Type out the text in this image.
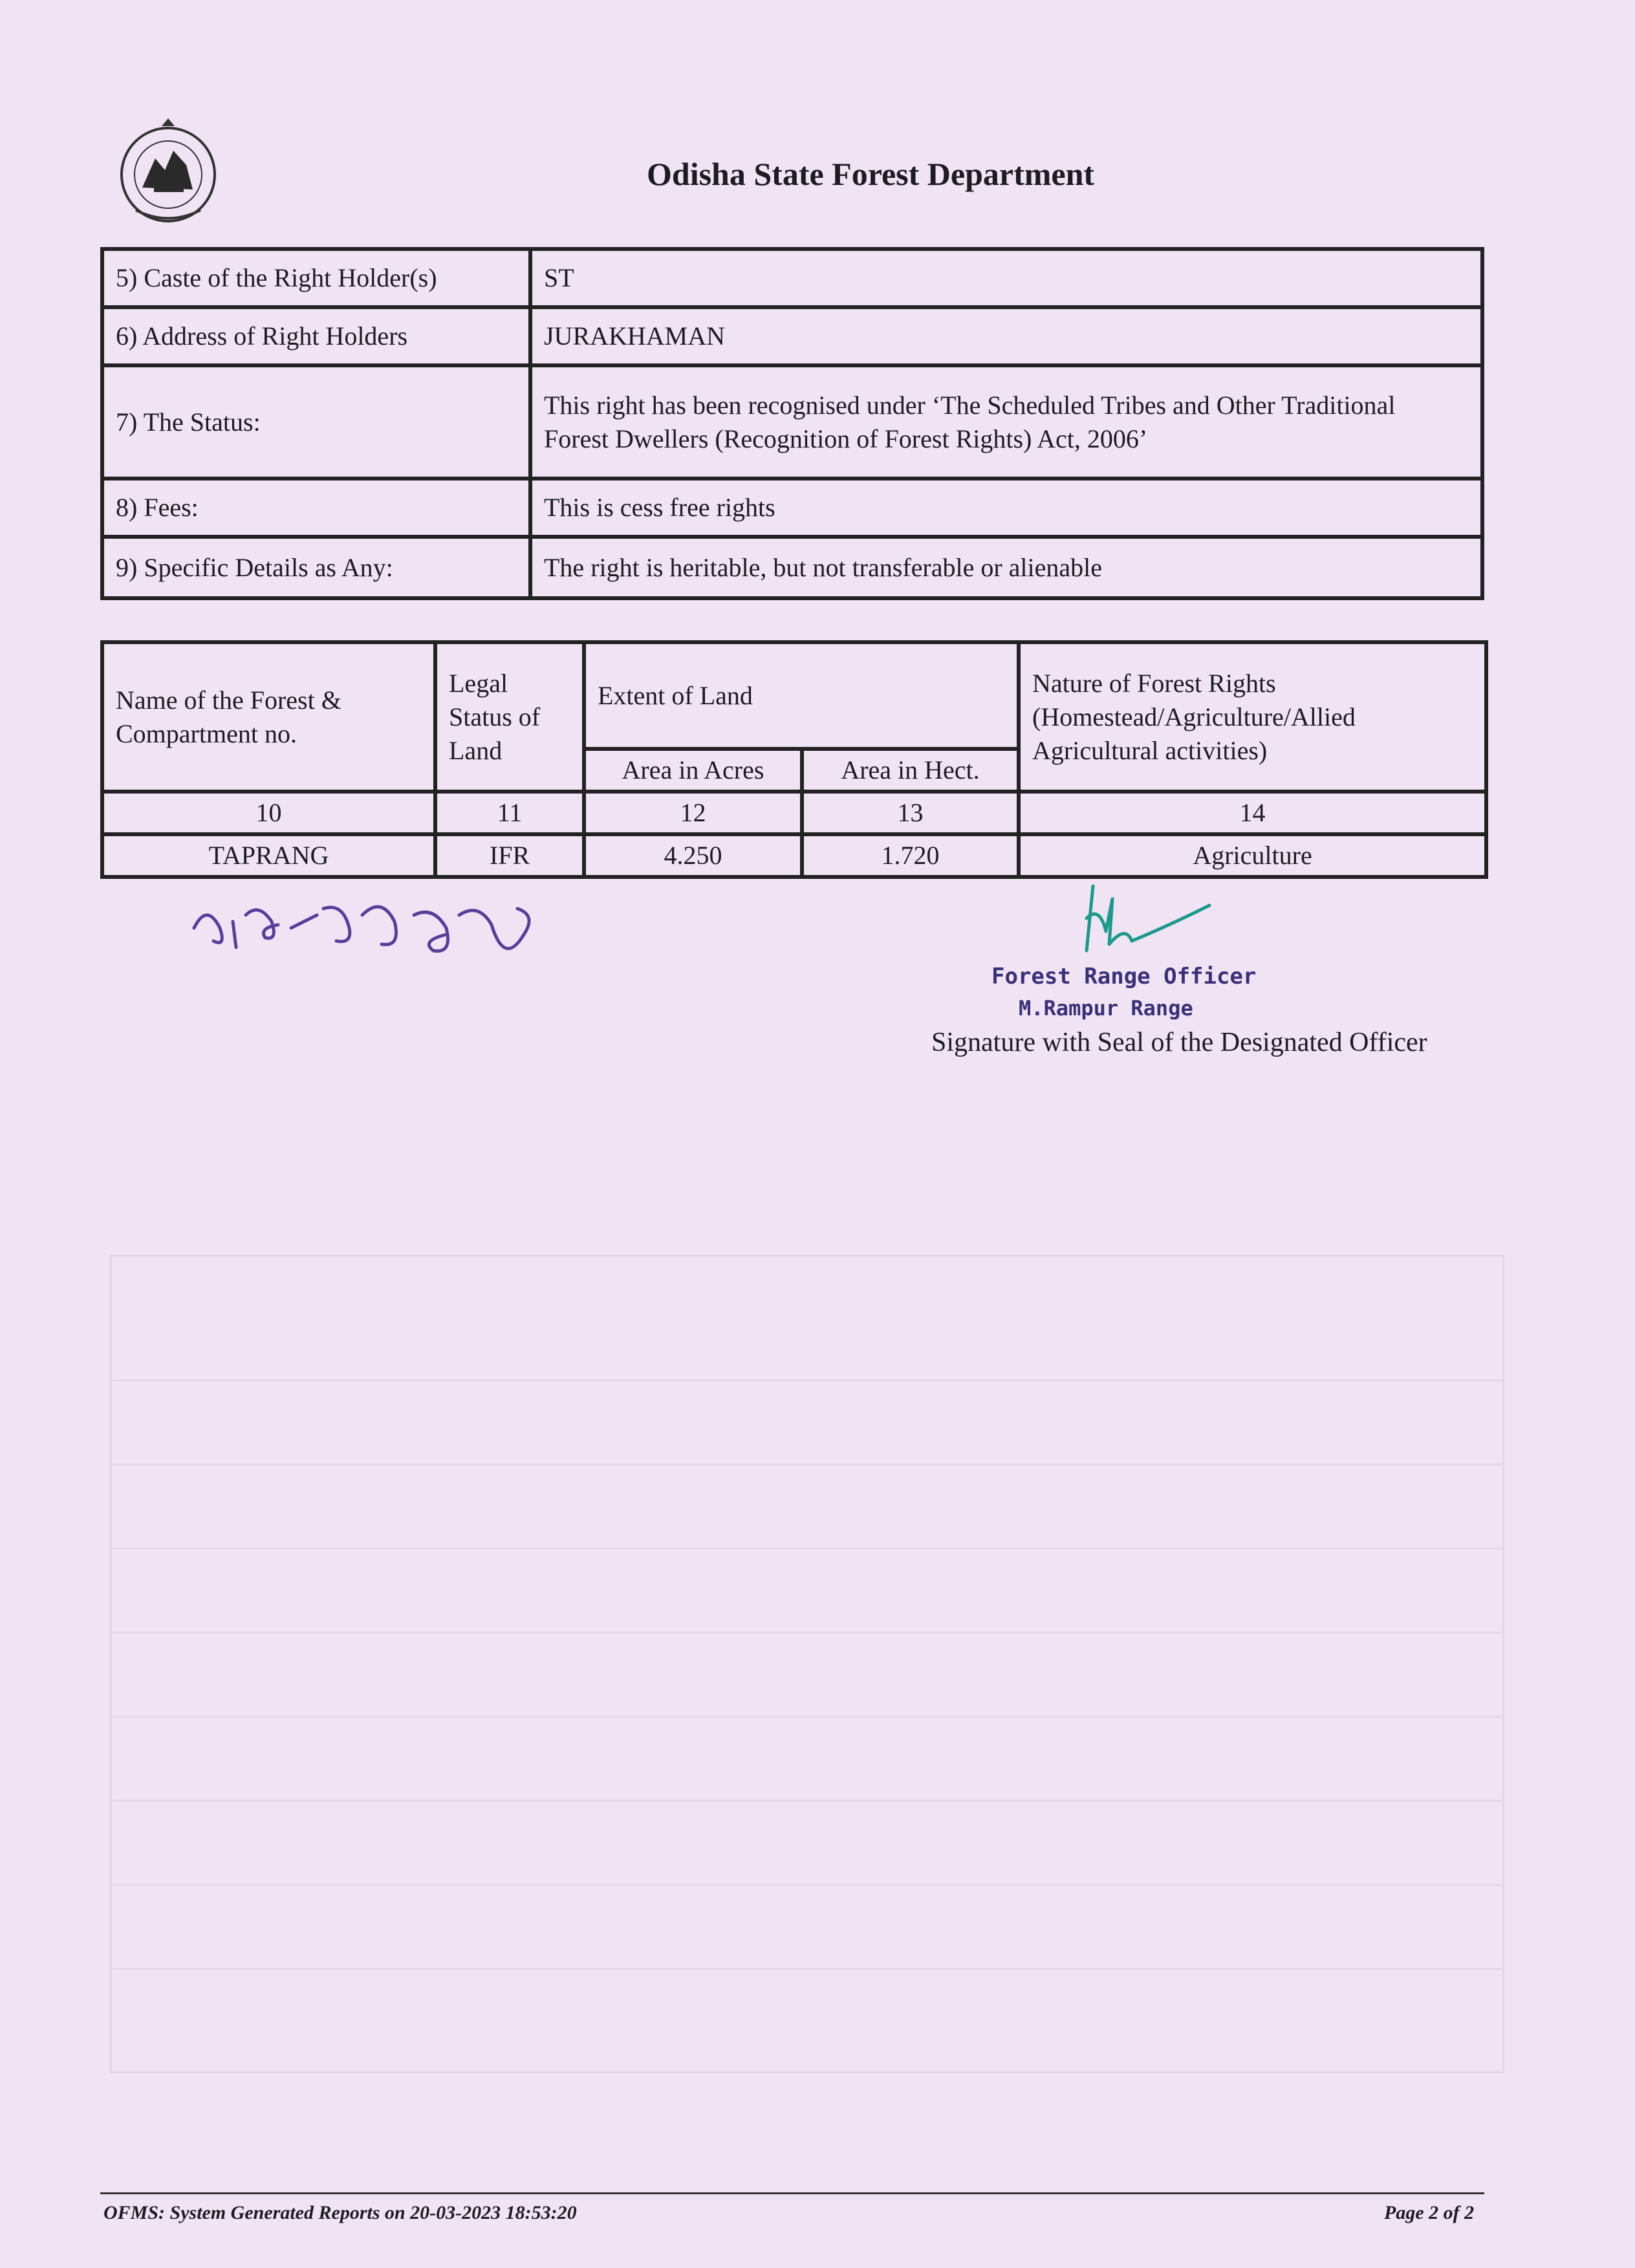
Odisha State Forest Department
5) Caste of the Right Holder(s)	ST
6) Address of Right Holders	JURAKHAMAN
7) The Status:	This right has been recognised under ‘The Scheduled Tribes and Other Traditional
Forest Dwellers (Recognition of Forest Rights) Act, 2006’

8) Fees:	This is cess free rights
9) Specific Details as Any:	The right is heritable, but not transferable or alienable
Name of the Forest & Compartment no.	Legal Status of Land	Extent of Land		Nature of Forest Rights (Homestead/Agriculture/Allied Agricultural activities)
		Area in Acres	Area in Hect.	
10	11	12	13	14
TAPRANG	IFR	4.250	1.720	Agriculture
Forest Range Officer
M.Rampur Range
Signature with Seal of the Designated Officer
OFMS: System Generated Reports on 20-03-2023 18:53:20	Page 2 of 2
